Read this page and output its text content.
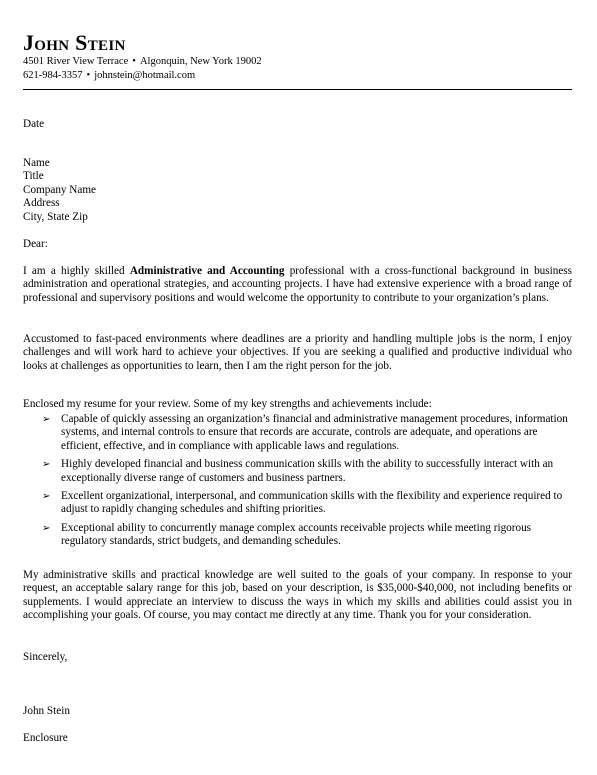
John Stein
4501 River View Terrace • Algonquin, New York 19002
621-984-3357 • johnstein@hotmail.com
Date
Name
Title
Company Name
Address
City, State Zip
Dear:

I am a highly skilled Administrative and Accounting professional with a cross-functional background in business administration and operational strategies, and accounting projects. I have had extensive experience with a broad range of professional and supervisory positions and would welcome the opportunity to contribute to your organization’s plans.

Accustomed to fast-paced environments where deadlines are a priority and handling multiple jobs is the norm, I enjoy challenges and will work hard to achieve your objectives. If you are seeking a qualified and productive individual who looks at challenges as opportunities to learn, then I am the right person for the job.

Enclosed my resume for your review. Some of my key strengths and achievements include:

➢ Capable of quickly assessing an organization’s financial and administrative management procedures, information systems, and internal controls to ensure that records are accurate, controls are adequate, and operations are efficient, effective, and in compliance with applicable laws and regulations.
➢ Highly developed financial and business communication skills with the ability to successfully interact with an exceptionally diverse range of customers and business partners.
➢ Excellent organizational, interpersonal, and communication skills with the flexibility and experience required to adjust to rapidly changing schedules and shifting priorities.
➢ Exceptional ability to concurrently manage complex accounts receivable projects while meeting rigorous regulatory standards, strict budgets, and demanding schedules.

My administrative skills and practical knowledge are well suited to the goals of your company. In response to your request, an acceptable salary range for this job, based on your description, is $35,000-$40,000, not including benefits or supplements. I would appreciate an interview to discuss the ways in which my skills and abilities could assist you in accomplishing your goals. Of course, you may contact me directly at any time. Thank you for your consideration.

Sincerely,
John Stein
Enclosure
